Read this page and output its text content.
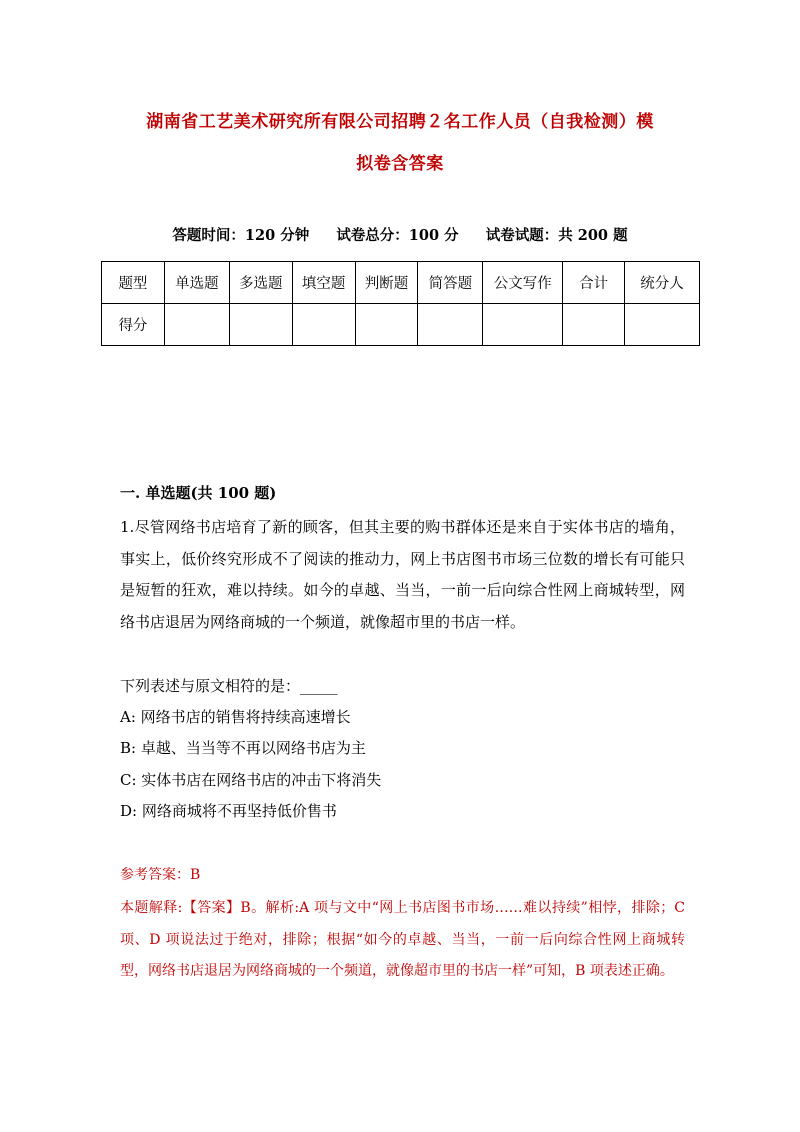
湖南省工艺美术研究所有限公司招聘２名工作人员（自我检测）模
拟卷含答案
答题时间：120 分钟 试卷总分：100 分 试卷试题：共 200 题
题型	单选题	多选题	填空题	判断题	简答题	公文写作	合计	统分人
得分								
一. 单选题(共 100 题)
1.尽管网络书店培育了新的顾客，但其主要的购书群体还是来自于实体书店的墙角，事实上，低价终究形成不了阅读的推动力，网上书店图书市场三位数的增长有可能只是短暂的狂欢，难以持续。如今的卓越、当当，一前一后向综合性网上商城转型，网络书店退居为网络商城的一个频道，就像超市里的书店一样。
下列表述与原文相符的是：_____
A: 网络书店的销售将持续高速增长
B: 卓越、当当等不再以网络书店为主
C: 实体书店在网络书店的冲击下将消失
D: 网络商城将不再坚持低价售书
参考答案：B
本题解释:【答案】B。解析:A 项与文中“网上书店图书市场……难以持续”相悖，排除；C 项、D 项说法过于绝对，排除；根据“如今的卓越、当当，一前一后向综合性网上商城转型，网络书店退居为网络商城的一个频道，就像超市里的书店一样”可知，B 项表述正确。
